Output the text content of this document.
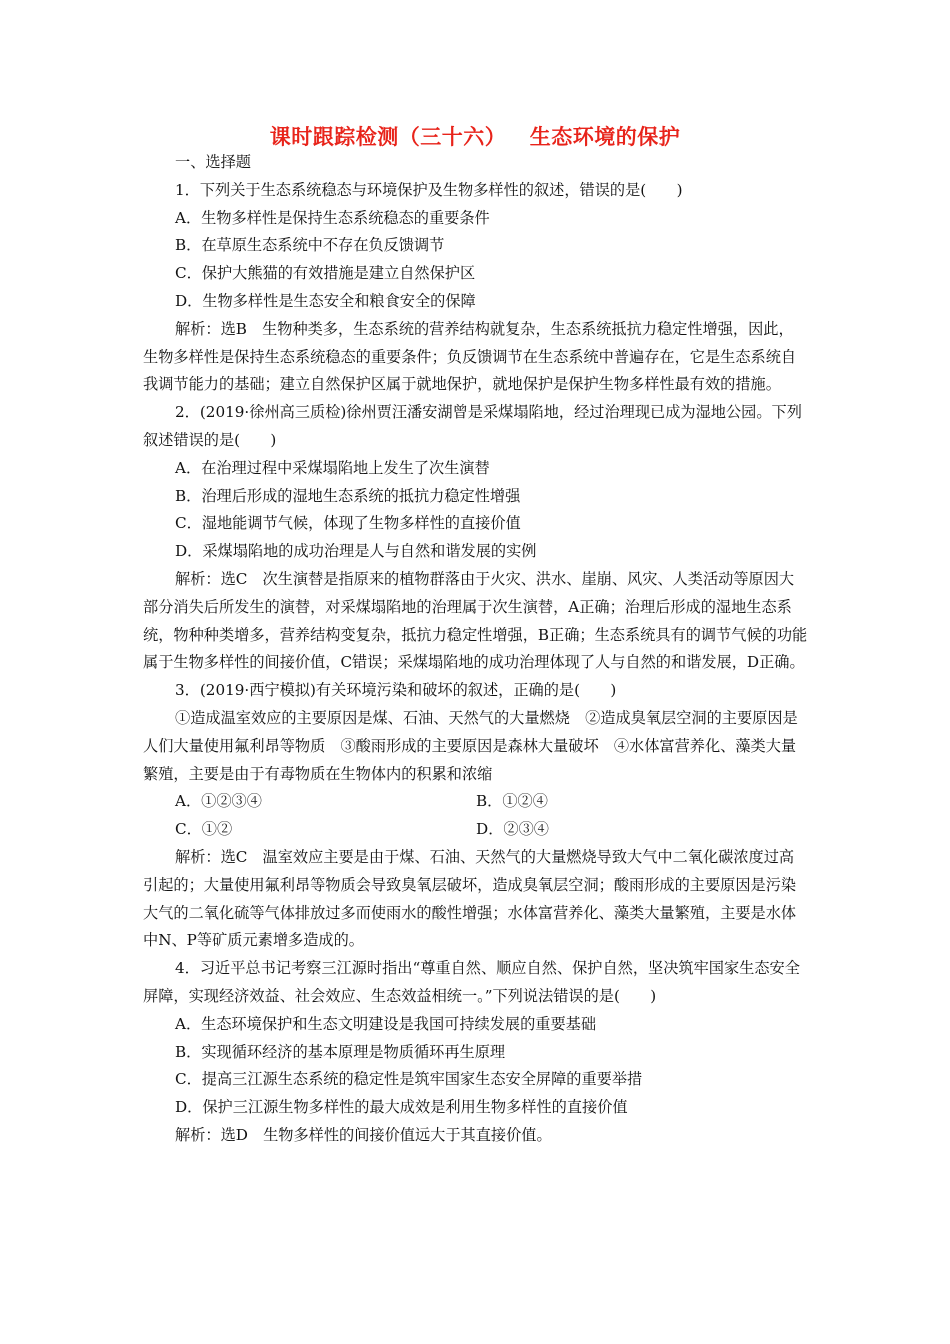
课时跟踪检测（三十六）   生态环境的保护

一、选择题

1．下列关于生态系统稳态与环境保护及生物多样性的叙述，错误的是(　　)

A．生物多样性是保持生态系统稳态的重要条件

B．在草原生态系统中不存在负反馈调节

C．保护大熊猫的有效措施是建立自然保护区

D．生物多样性是生态安全和粮食安全的保障

解析：选B　生物种类多，生态系统的营养结构就复杂，生态系统抵抗力稳定性增强，因此，生物多样性是保持生态系统稳态的重要条件；负反馈调节在生态系统中普遍存在，它是生态系统自我调节能力的基础；建立自然保护区属于就地保护，就地保护是保护生物多样性最有效的措施。

2．(2019·徐州高三质检)徐州贾汪潘安湖曾是采煤塌陷地，经过治理现已成为湿地公园。下列叙述错误的是(　　)

A．在治理过程中采煤塌陷地上发生了次生演替

B．治理后形成的湿地生态系统的抵抗力稳定性增强

C．湿地能调节气候，体现了生物多样性的直接价值

D．采煤塌陷地的成功治理是人与自然和谐发展的实例

解析：选C　次生演替是指原来的植物群落由于火灾、洪水、崖崩、风灾、人类活动等原因大部分消失后所发生的演替，对采煤塌陷地的治理属于次生演替，A正确；治理后形成的湿地生态系统，物种种类增多，营养结构变复杂，抵抗力稳定性增强，B正确；生态系统具有的调节气候的功能属于生物多样性的间接价值，C错误；采煤塌陷地的成功治理体现了人与自然的和谐发展，D正确。

3．(2019·西宁模拟)有关环境污染和破坏的叙述，正确的是(　　)

①造成温室效应的主要原因是煤、石油、天然气的大量燃烧　②造成臭氧层空洞的主要原因是人们大量使用氟利昂等物质　③酸雨形成的主要原因是森林大量破坏　④水体富营养化、藻类大量繁殖，主要是由于有毒物质在生物体内的积累和浓缩

A．①②③④	B．①②④
C．①②	D．②③④

解析：选C　温室效应主要是由于煤、石油、天然气的大量燃烧导致大气中二氧化碳浓度过高引起的；大量使用氟利昂等物质会导致臭氧层破坏，造成臭氧层空洞；酸雨形成的主要原因是污染大气的二氧化硫等气体排放过多而使雨水的酸性增强；水体富营养化、藻类大量繁殖，主要是水体中N、P等矿质元素增多造成的。

4．习近平总书记考察三江源时指出“尊重自然、顺应自然、保护自然，坚决筑牢国家生态安全屏障，实现经济效益、社会效应、生态效益相统一。”下列说法错误的是(　　)

A．生态环境保护和生态文明建设是我国可持续发展的重要基础

B．实现循环经济的基本原理是物质循环再生原理

C．提高三江源生态系统的稳定性是筑牢国家生态安全屏障的重要举措

D．保护三江源生物多样性的最大成效是利用生物多样性的直接价值

解析：选D　生物多样性的间接价值远大于其直接价值。
